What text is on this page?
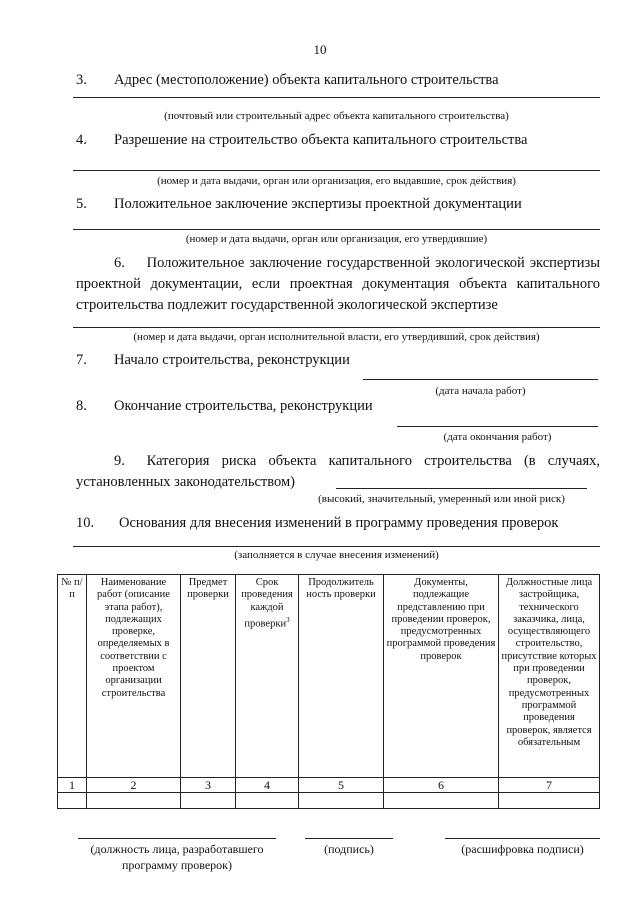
10
3. Адрес (местоположение) объекта капитального строительства
(почтовый или строительный адрес объекта капитального строительства)
4. Разрешение на строительство объекта капитального строительства
(номер и дата выдачи, орган или организация, его выдавшие, срок действия)
5. Положительное заключение экспертизы проектной документации
(номер и дата выдачи, орган или организация, его утвердившие)
6.   Положительное заключение государственной экологической экспертизы проектной документации, если проектная документация объекта капитального строительства подлежит государственной экологической экспертизе
(номер и дата выдачи, орган исполнительной власти, его утвердивший, срок действия)
7. Начало строительства, реконструкции
(дата начала работ)
8. Окончание строительства, реконструкции
(дата окончания работ)
9.   Категория риска объекта капитального строительства (в случаях, установленных законодательством)
(высокий, значительный, умеренный или иной риск)
10. Основания для внесения изменений в программу проведения проверок
(заполняется в случае внесения изменений)
№ п/п	Наименование работ (описание этапа работ), подлежащих проверке, определяемых в соответствии с проектом организации строительства	Предмет проверки	Срок проведения каждой проверки$^3$	Продолжитель ность проверки	Документы, подлежащие представлению при проведении проверок, предусмотренных программой проведения проверок	Должностные лица застройщика, технического заказчика, лица, осуществляющего строительство, присутствие которых при проведении проверок, предусмотренных программой проведения проверок, является обязательным
1	2	3	4	5	6	7

(должность лица, разработавшего программу проверок)
(подпись)	(расшифровка подписи)
